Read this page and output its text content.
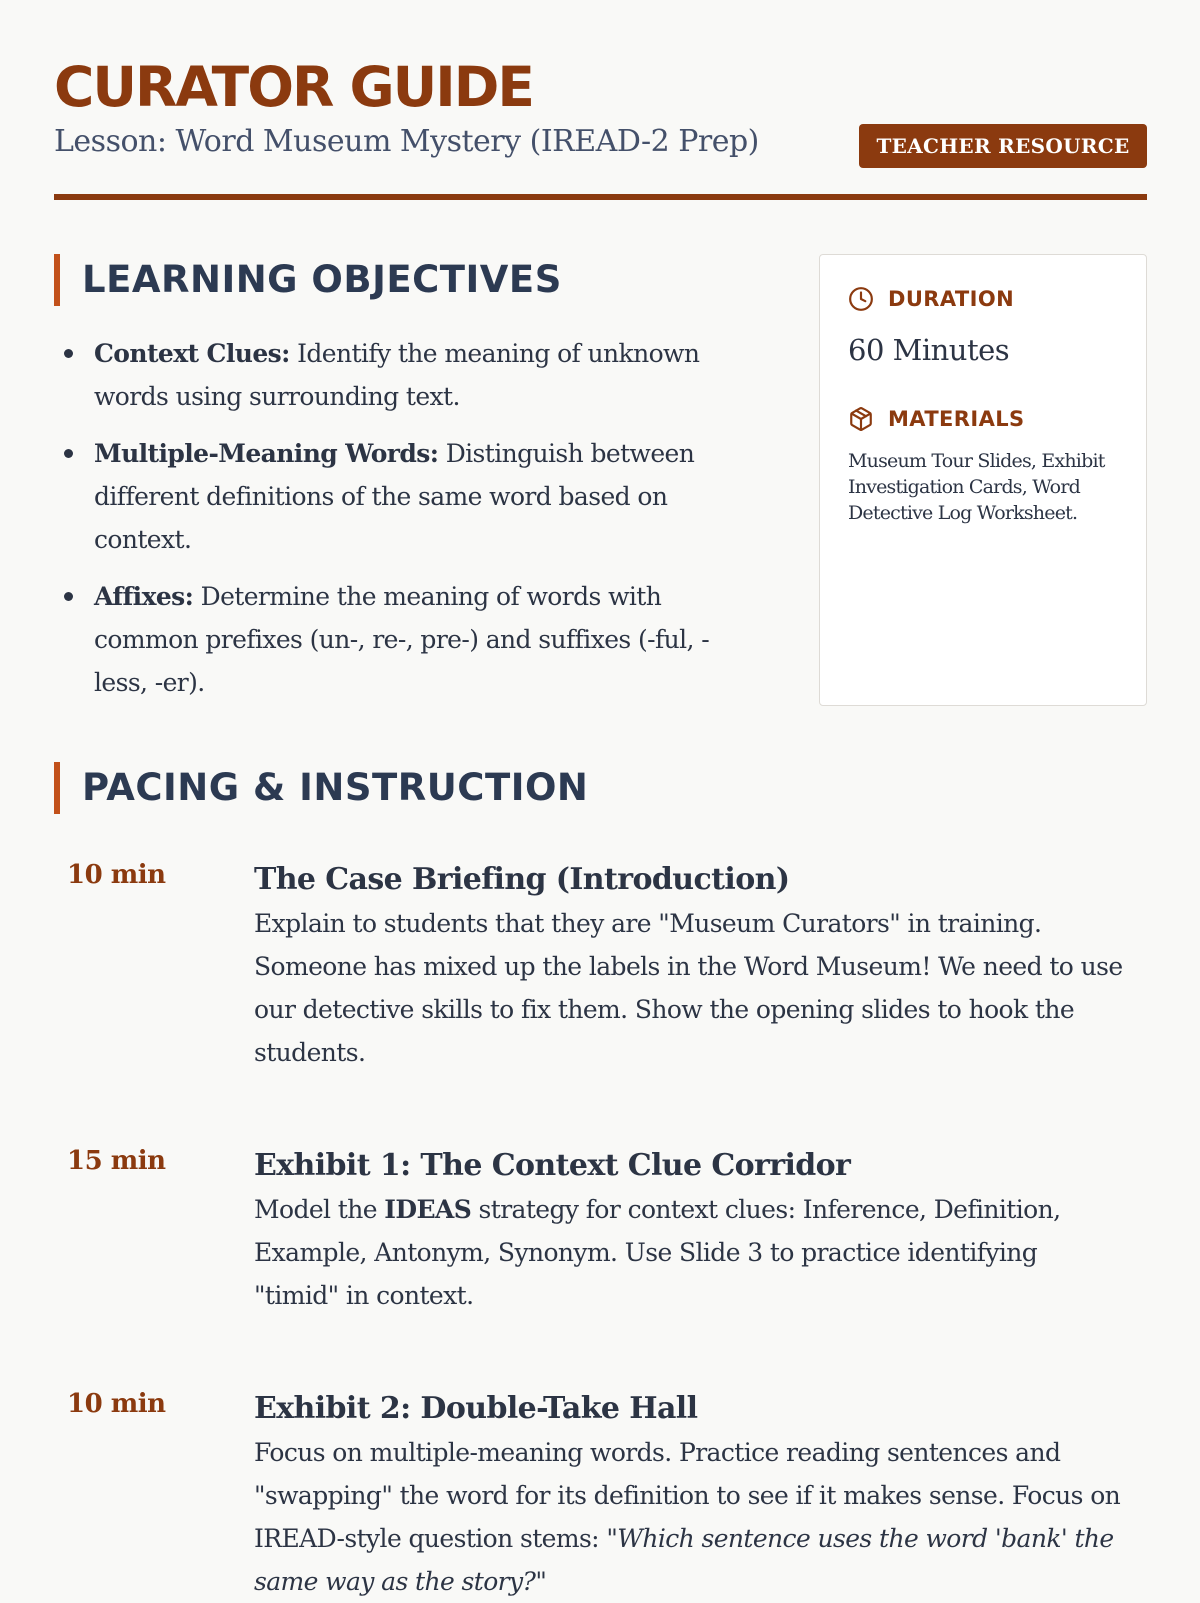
CURATOR GUIDE
Lesson: Word Museum Mystery (IREAD-2 Prep)	TEACHER RESOURCE
LEARNING OBJECTIVES
Context Clues: Identify the meaning of unknown words using surrounding text.
Multiple-Meaning Words: Distinguish between different definitions of the same word based on context.
Affixes: Determine the meaning of words with common prefixes (un-, re-, pre-) and suffixes (-ful, -less, -er).
DURATION
60 Minutes
MATERIALS
Museum Tour Slides, Exhibit Investigation Cards, Word Detective Log Worksheet.
PACING & INSTRUCTION
10 min	The Case Briefing (Introduction)
Explain to students that they are "Museum Curators" in training. Someone has mixed up the labels in the Word Museum! We need to use our detective skills to fix them. Show the opening slides to hook the students.
15 min	Exhibit 1: The Context Clue Corridor
Model the IDEAS strategy for context clues: Inference, Definition, Example, Antonym, Synonym. Use Slide 3 to practice identifying "timid" in context.
10 min	Exhibit 2: Double-Take Hall
Focus on multiple-meaning words. Practice reading sentences and "swapping" the word for its definition to see if it makes sense. Focus on IREAD-style question stems: "Which sentence uses the word 'bank' the same way as the story?"
